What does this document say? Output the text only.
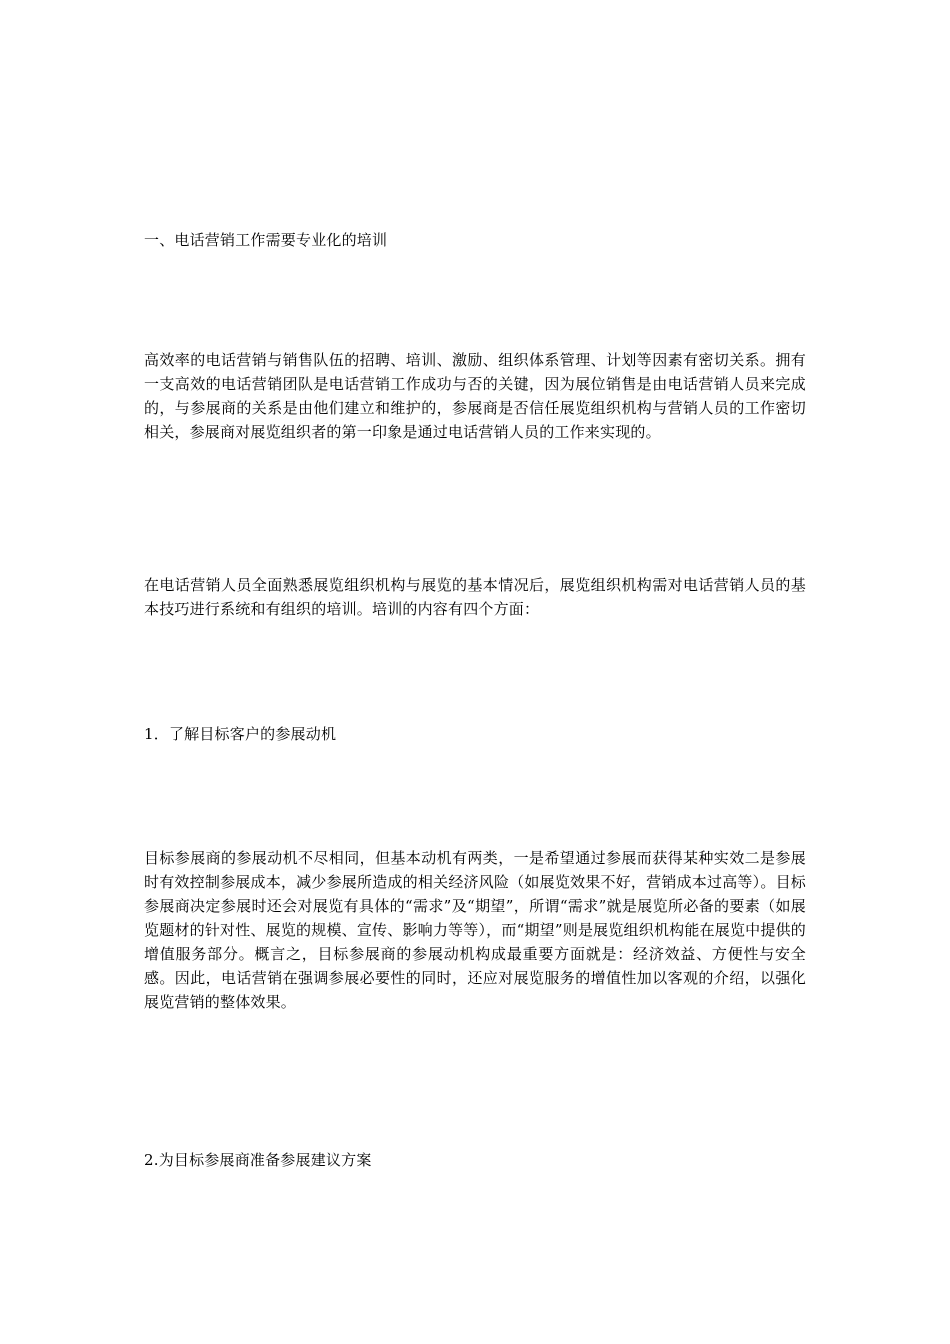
一、电话营销工作需要专业化的培训

高效率的电话营销与销售队伍的招聘、培训、激励、组织体系管理、计划等因素有密切关系。拥有一支高效的电话营销团队是电话营销工作成功与否的关键，因为展位销售是由电话营销人员来完成的，与参展商的关系是由他们建立和维护的，参展商是否信任展览组织机构与营销人员的工作密切相关，参展商对展览组织者的第一印象是通过电话营销人员的工作来实现的。

在电话营销人员全面熟悉展览组织机构与展览的基本情况后，展览组织机构需对电话营销人员的基本技巧进行系统和有组织的培训。培训的内容有四个方面：

1．了解目标客户的参展动机

目标参展商的参展动机不尽相同，但基本动机有两类，一是希望通过参展而获得某种实效二是参展时有效控制参展成本，减少参展所造成的相关经济风险（如展览效果不好，营销成本过高等）。目标参展商决定参展时还会对展览有具体的“需求”及“期望”，所谓“需求”就是展览所必备的要素（如展览题材的针对性、展览的规模、宣传、影响力等等），而“期望”则是展览组织机构能在展览中提供的增值服务部分。概言之，目标参展商的参展动机构成最重要方面就是：经济效益、方便性与安全感。因此，电话营销在强调参展必要性的同时，还应对展览服务的增值性加以客观的介绍，以强化展览营销的整体效果。

2.为目标参展商准备参展建议方案
